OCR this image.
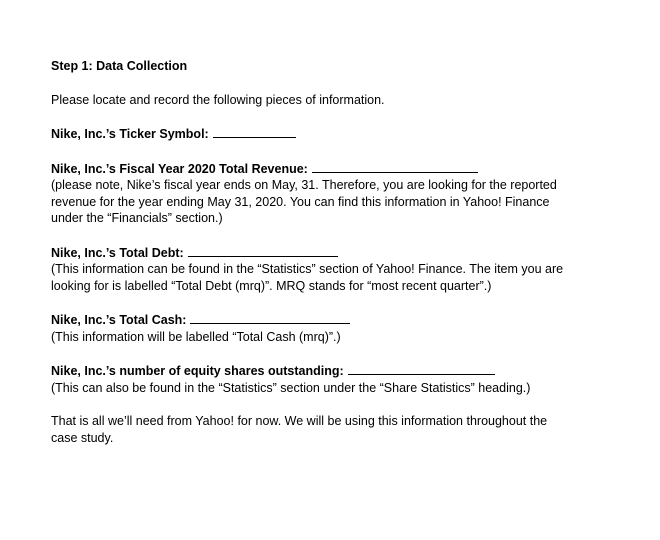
Step 1: Data Collection

Please locate and record the following pieces of information.

Nike, Inc.’s Ticker Symbol:
Nike, Inc.’s Fiscal Year 2020 Total Revenue:

(please note, Nike’s fiscal year ends on May, 31. Therefore, you are looking for the reported

revenue for the year ending May 31, 2020. You can find this information in Yahoo! Finance

under the “Financials” section.)

Nike, Inc.’s Total Debt:

(This information can be found in the “Statistics” section of Yahoo! Finance. The item you are

looking for is labelled “Total Debt (mrq)”. MRQ stands for “most recent quarter”.)

Nike, Inc.’s Total Cash:

(This information will be labelled “Total Cash (mrq)”.)

Nike, Inc.’s number of equity shares outstanding:

(This can also be found in the “Statistics” section under the “Share Statistics” heading.)

That is all we’ll need from Yahoo! for now. We will be using this information throughout the

case study.
